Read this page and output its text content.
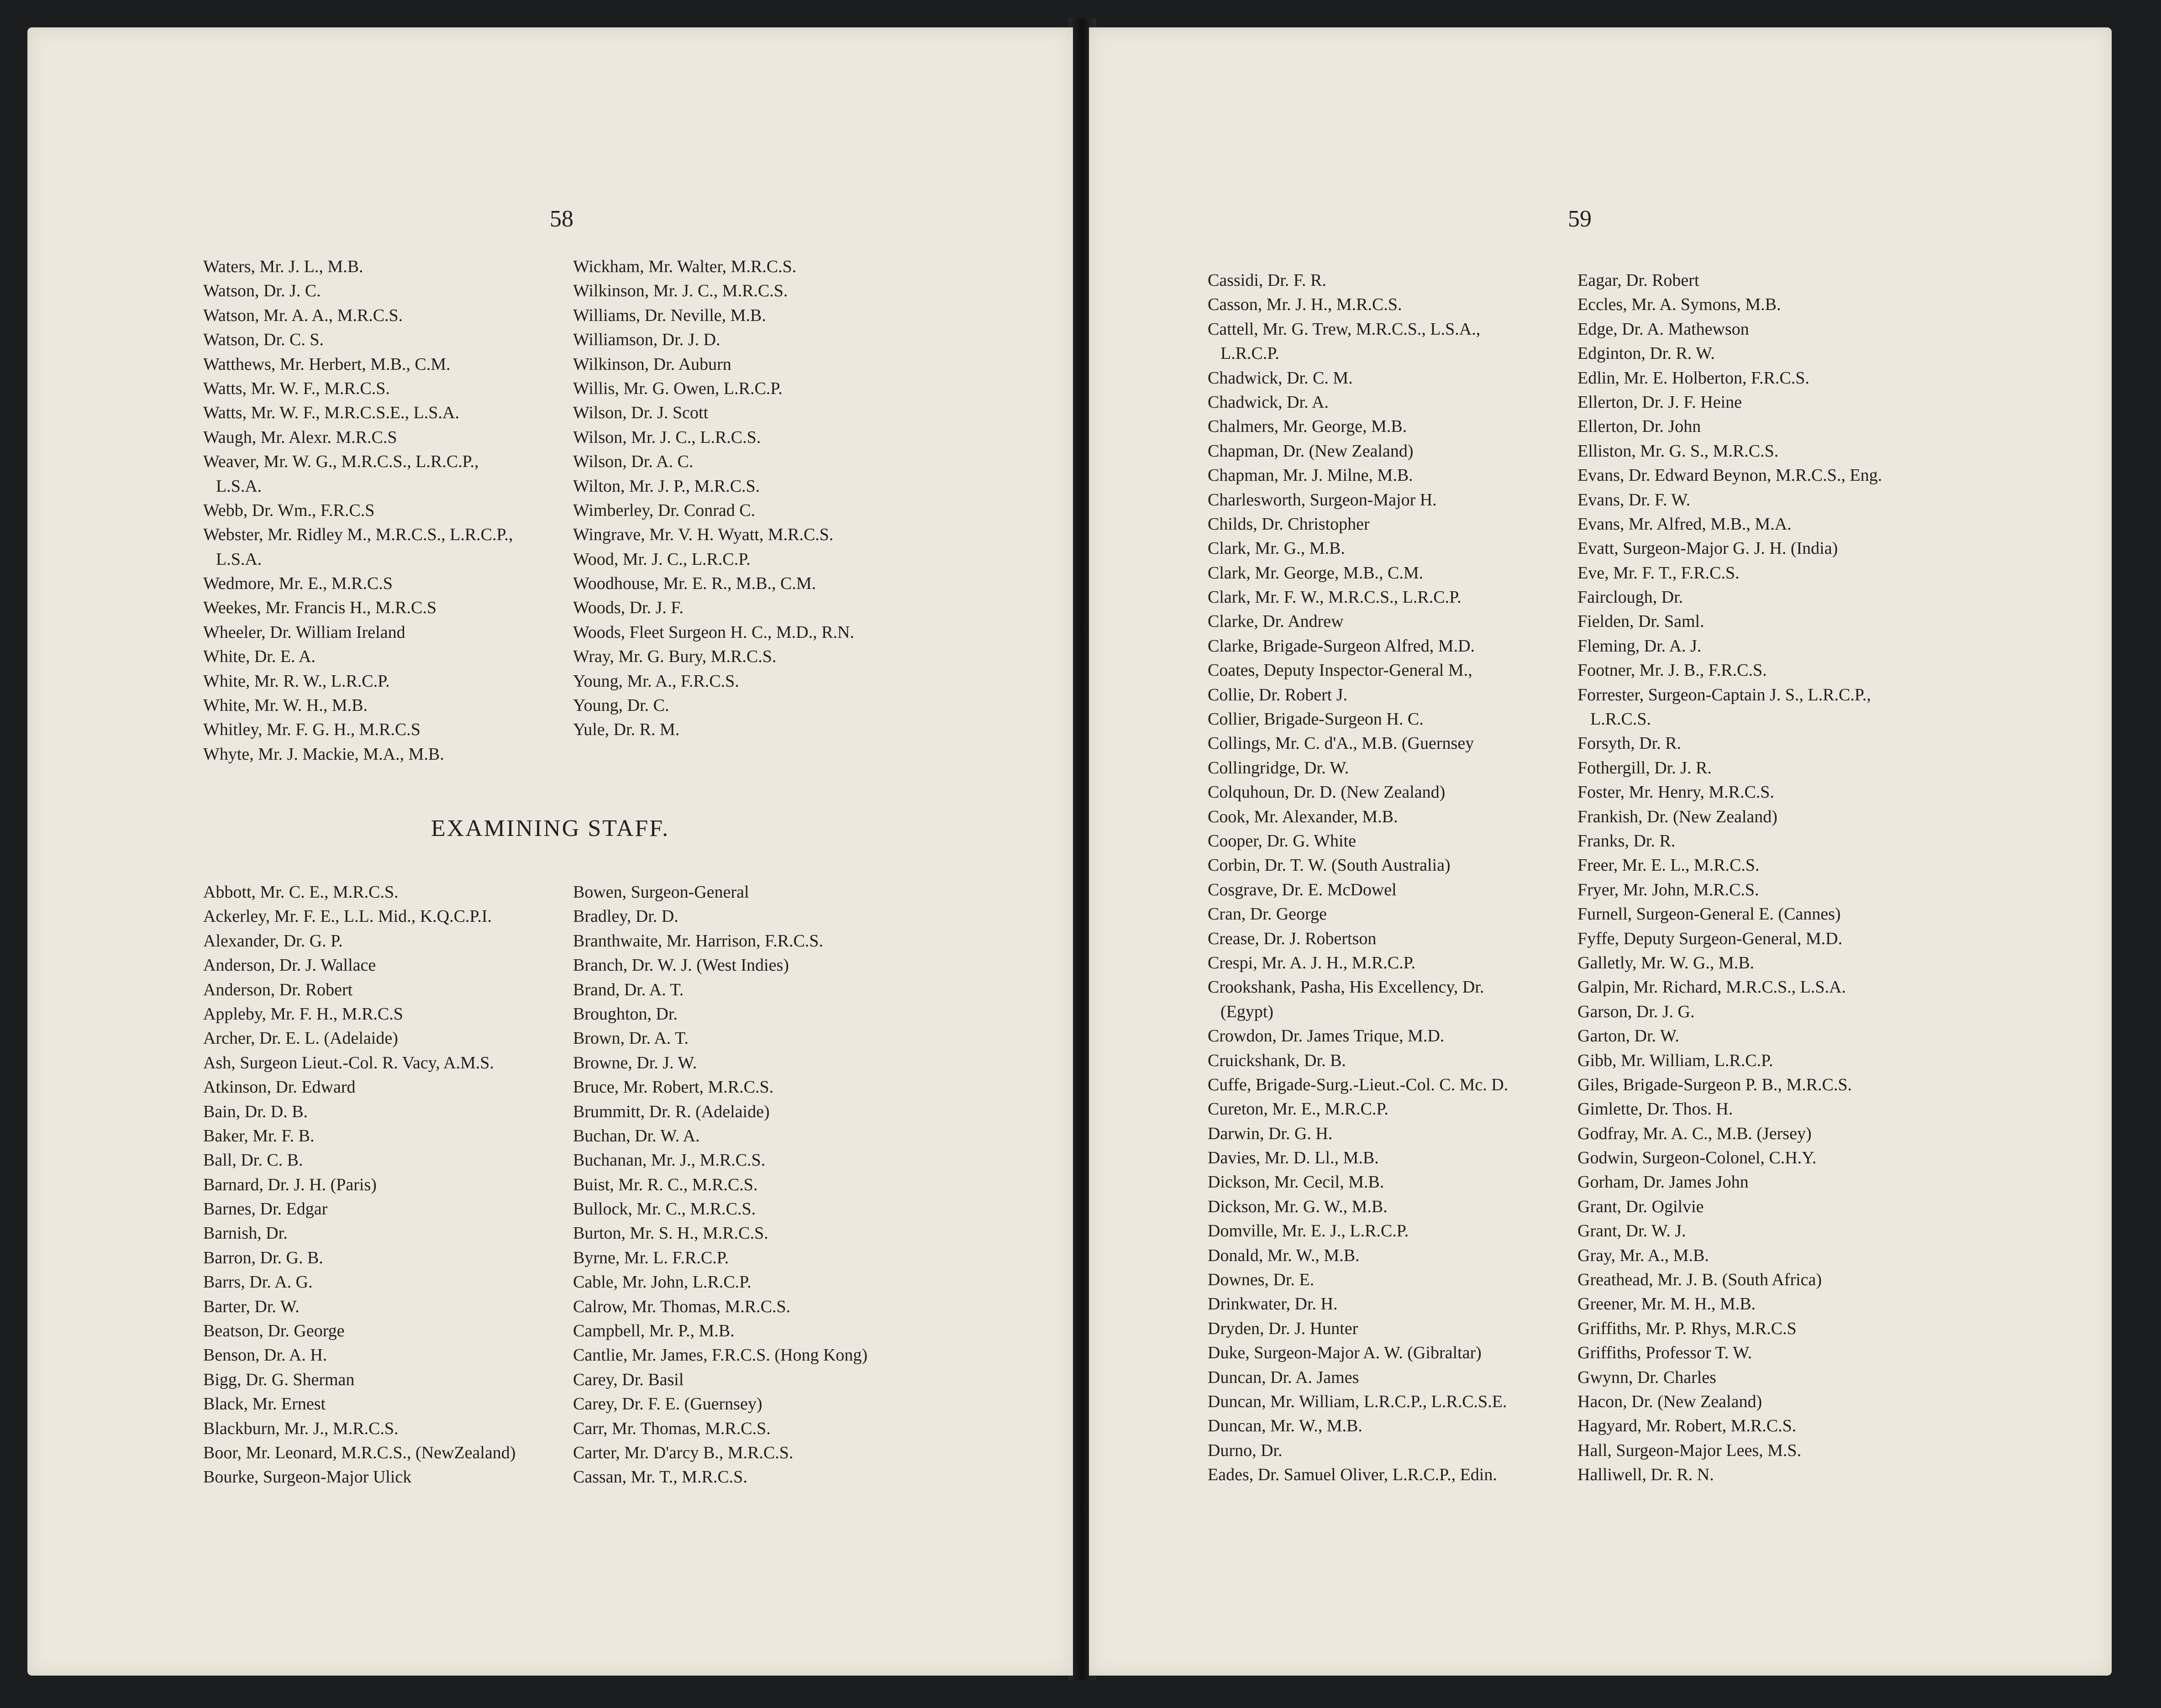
58
Waters, Mr. J. L., M.B.
Watson, Dr. J. C.
Watson, Mr. A. A., M.R.C.S.
Watson, Dr. C. S.
Watthews, Mr. Herbert, M.B., C.M.
Watts, Mr. W. F., M.R.C.S.
Watts, Mr. W. F., M.R.C.S.E., L.S.A.
Waugh, Mr. Alexr. M.R.C.S
Weaver, Mr. W. G., M.R.C.S., L.R.C.P.,
L.S.A.
Webb, Dr. Wm., F.R.C.S
Webster, Mr. Ridley M., M.R.C.S., L.R.C.P.,
L.S.A.
Wedmore, Mr. E., M.R.C.S
Weekes, Mr. Francis H., M.R.C.S
Wheeler, Dr. William Ireland
White, Dr. E. A.
White, Mr. R. W., L.R.C.P.
White, Mr. W. H., M.B.
Whitley, Mr. F. G. H., M.R.C.S
Whyte, Mr. J. Mackie, M.A., M.B.
Wickham, Mr. Walter, M.R.C.S.
Wilkinson, Mr. J. C., M.R.C.S.
Williams, Dr. Neville, M.B.
Williamson, Dr. J. D.
Wilkinson, Dr. Auburn
Willis, Mr. G. Owen, L.R.C.P.
Wilson, Dr. J. Scott
Wilson, Mr. J. C., L.R.C.S.
Wilson, Dr. A. C.
Wilton, Mr. J. P., M.R.C.S.
Wimberley, Dr. Conrad C.
Wingrave, Mr. V. H. Wyatt, M.R.C.S.
Wood, Mr. J. C., L.R.C.P.
Woodhouse, Mr. E. R., M.B., C.M.
Woods, Dr. J. F.
Woods, Fleet Surgeon H. C., M.D., R.N.
Wray, Mr. G. Bury, M.R.C.S.
Young, Mr. A., F.R.C.S.
Young, Dr. C.
Yule, Dr. R. M.
EXAMINING STAFF.
Abbott, Mr. C. E., M.R.C.S.
Ackerley, Mr. F. E., L.L. Mid., K.Q.C.P.I.
Alexander, Dr. G. P.
Anderson, Dr. J. Wallace
Anderson, Dr. Robert
Appleby, Mr. F. H., M.R.C.S
Archer, Dr. E. L. (Adelaide)
Ash, Surgeon Lieut.-Col. R. Vacy, A.M.S.
Atkinson, Dr. Edward
Bain, Dr. D. B.
Baker, Mr. F. B.
Ball, Dr. C. B.
Barnard, Dr. J. H. (Paris)
Barnes, Dr. Edgar
Barnish, Dr.
Barron, Dr. G. B.
Barrs, Dr. A. G.
Barter, Dr. W.
Beatson, Dr. George
Benson, Dr. A. H.
Bigg, Dr. G. Sherman
Black, Mr. Ernest
Blackburn, Mr. J., M.R.C.S.
Boor, Mr. Leonard, M.R.C.S., (NewZealand)
Bourke, Surgeon-Major Ulick
Bowen, Surgeon-General
Bradley, Dr. D.
Branthwaite, Mr. Harrison, F.R.C.S.
Branch, Dr. W. J. (West Indies)
Brand, Dr. A. T.
Broughton, Dr.
Brown, Dr. A. T.
Browne, Dr. J. W.
Bruce, Mr. Robert, M.R.C.S.
Brummitt, Dr. R. (Adelaide)
Buchan, Dr. W. A.
Buchanan, Mr. J., M.R.C.S.
Buist, Mr. R. C., M.R.C.S.
Bullock, Mr. C., M.R.C.S.
Burton, Mr. S. H., M.R.C.S.
Byrne, Mr. L. F.R.C.P.
Cable, Mr. John, L.R.C.P.
Calrow, Mr. Thomas, M.R.C.S.
Campbell, Mr. P., M.B.
Cantlie, Mr. James, F.R.C.S. (Hong Kong)
Carey, Dr. Basil
Carey, Dr. F. E. (Guernsey)
Carr, Mr. Thomas, M.R.C.S.
Carter, Mr. D'arcy B., M.R.C.S.
Cassan, Mr. T., M.R.C.S.
59
Cassidi, Dr. F. R.
Casson, Mr. J. H., M.R.C.S.
Cattell, Mr. G. Trew, M.R.C.S., L.S.A.,
L.R.C.P.
Chadwick, Dr. C. M.
Chadwick, Dr. A.
Chalmers, Mr. George, M.B.
Chapman, Dr. (New Zealand)
Chapman, Mr. J. Milne, M.B.
Charlesworth, Surgeon-Major H.
Childs, Dr. Christopher
Clark, Mr. G., M.B.
Clark, Mr. George, M.B., C.M.
Clark, Mr. F. W., M.R.C.S., L.R.C.P.
Clarke, Dr. Andrew
Clarke, Brigade-Surgeon Alfred, M.D.
Coates, Deputy Inspector-General M.,
Collie, Dr. Robert J.
Collier, Brigade-Surgeon H. C.
Collings, Mr. C. d'A., M.B. (Guernsey
Collingridge, Dr. W.
Colquhoun, Dr. D. (New Zealand)
Cook, Mr. Alexander, M.B.
Cooper, Dr. G. White
Corbin, Dr. T. W. (South Australia)
Cosgrave, Dr. E. McDowel
Cran, Dr. George
Crease, Dr. J. Robertson
Crespi, Mr. A. J. H., M.R.C.P.
Crookshank, Pasha, His Excellency, Dr.
(Egypt)
Crowdon, Dr. James Trique, M.D.
Cruickshank, Dr. B.
Cuffe, Brigade-Surg.-Lieut.-Col. C. Mc. D.
Cureton, Mr. E., M.R.C.P.
Darwin, Dr. G. H.
Davies, Mr. D. Ll., M.B.
Dickson, Mr. Cecil, M.B.
Dickson, Mr. G. W., M.B.
Domville, Mr. E. J., L.R.C.P.
Donald, Mr. W., M.B.
Downes, Dr. E.
Drinkwater, Dr. H.
Dryden, Dr. J. Hunter
Duke, Surgeon-Major A. W. (Gibraltar)
Duncan, Dr. A. James
Duncan, Mr. William, L.R.C.P., L.R.C.S.E.
Duncan, Mr. W., M.B.
Durno, Dr.
Eades, Dr. Samuel Oliver, L.R.C.P., Edin.
Eagar, Dr. Robert
Eccles, Mr. A. Symons, M.B.
Edge, Dr. A. Mathewson
Edginton, Dr. R. W.
Edlin, Mr. E. Holberton, F.R.C.S.
Ellerton, Dr. J. F. Heine
Ellerton, Dr. John
Elliston, Mr. G. S., M.R.C.S.
Evans, Dr. Edward Beynon, M.R.C.S., Eng.
Evans, Dr. F. W.
Evans, Mr. Alfred, M.B., M.A.
Evatt, Surgeon-Major G. J. H. (India)
Eve, Mr. F. T., F.R.C.S.
Fairclough, Dr.
Fielden, Dr. Saml.
Fleming, Dr. A. J.
Footner, Mr. J. B., F.R.C.S.
Forrester, Surgeon-Captain J. S., L.R.C.P.,
L.R.C.S.
Forsyth, Dr. R.
Fothergill, Dr. J. R.
Foster, Mr. Henry, M.R.C.S.
Frankish, Dr. (New Zealand)
Franks, Dr. R.
Freer, Mr. E. L., M.R.C.S.
Fryer, Mr. John, M.R.C.S.
Furnell, Surgeon-General E. (Cannes)
Fyffe, Deputy Surgeon-General, M.D.
Galletly, Mr. W. G., M.B.
Galpin, Mr. Richard, M.R.C.S., L.S.A.
Garson, Dr. J. G.
Garton, Dr. W.
Gibb, Mr. William, L.R.C.P.
Giles, Brigade-Surgeon P. B., M.R.C.S.
Gimlette, Dr. Thos. H.
Godfray, Mr. A. C., M.B. (Jersey)
Godwin, Surgeon-Colonel, C.H.Y.
Gorham, Dr. James John
Grant, Dr. Ogilvie
Grant, Dr. W. J.
Gray, Mr. A., M.B.
Greathead, Mr. J. B. (South Africa)
Greener, Mr. M. H., M.B.
Griffiths, Mr. P. Rhys, M.R.C.S
Griffiths, Professor T. W.
Gwynn, Dr. Charles
Hacon, Dr. (New Zealand)
Hagyard, Mr. Robert, M.R.C.S.
Hall, Surgeon-Major Lees, M.S.
Halliwell, Dr. R. N.
